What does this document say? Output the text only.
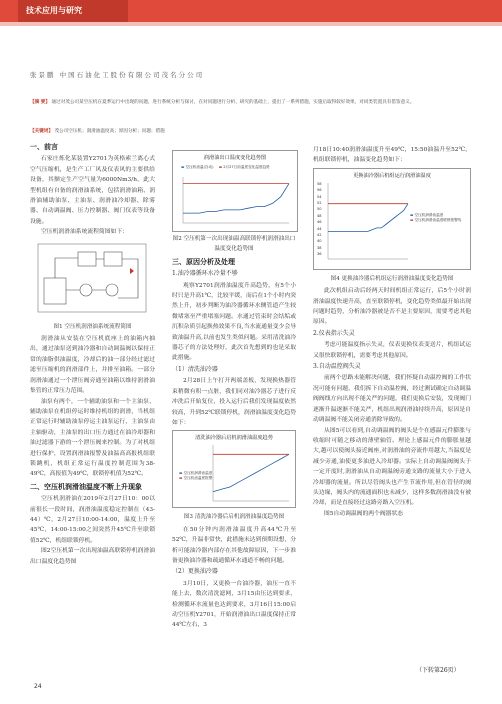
技术应用与研究
张景鹏 中国石油化工股份有限公司茂名分公司
【摘 要】 通过对茂公司某空压机在夏季运行中出现的问题，进行系统分析与探讨，在对问题进行分析、研究的基础上，提出了一系列措施，实施后取得较好效果，对同类装置具有借鉴意义。
【关键词】 茂公司空压机；润滑油温度高；原因分析；问题；措施
一、前言

石家庄炼化某装置Y2701为英格索兰离心式空气压缩机，是生产工厂风及仪表风的主要供给设备，其额定生产空气量为6000Nm3/h，此大型机组有自备的润滑油系统，包括润滑油箱、润滑油辅助油泵、主油泵、润滑油冷却器、除雾器、自动调温阀、压力控制器、阀门仪表等设备设施。

空压机润滑油系统流程简图如下：

图1 空压机润滑油系统流程简图

润滑油从安装在空压机底座上的油箱内抽出，通过油泵送到油冷器和自动调温阀以保持正常的油脂供油温度，冷却后的油一部分经过滤过滤至压缩机的润滑部件上，并排至油箱。一部分润滑油通过一个泄压阀旁通至油箱以维持润滑油集管的正常压力范围。

油泵有两个，一个辅助油泵和一个主油泵，辅助油泵在机组停运时维持机组的润滑，当机组正常运行时辅助油泵停运主油泵运行，主油泵由主轴驱动，主油泵的出口压力通过在油冷却器和油过滤器下游的一个泄压阀来控制。为了对机组进行保护，设置润滑油报警及油温高高报机组联锁跳机，机组正常运行温度控制范围为38-49℃，高报值为49℃，联锁停机值为52℃。

二、空压机润滑油温度不断上升现象

空压机润滑油在2019年2月27日10：00以前很长一段时间，润滑油温度稳定控制在（43-44）℃，2月27日10:00-14:00，温度上升至45℃，14:00-15:00之间突然升45℃升至联锁值52℃，机组联锁停机。

图2空压机第一次出现油温高联锁停机润滑油出口温度化趋势图

润滑油出口温度变化趋势图
▬ 空压机油温(自动) ▬ 2月27日前温度变化温度趋势

图2 空压机第一次出现油温高联锁停机润滑油出口温度变化趋势图

三、原因分析及处理
1.油冷器循环水冷量不够

观察Y2701润滑油温度升高趋势，有5个小时只是升高1℃，比较平缓，而后在1个小时内突然上升，初步判断为油冷器循环水侧管道产生较微堵塞至严重堵塞问题。水通过管束时会结垢或沉积杂质引起换热效果不良,当水流通量变少会导致油温升高,以前也发生类似问题。采用清洗油冷器芯子的方法处理好，此次首先想到的也是采取此措施。

（1）清洗油冷器

2月28日上午打开两端盖板，发现换热器管束稍微有积一点脏，我们同对油冷器芯子进行反冲洗后开始复位，投入运行后我们发现温度依然较高，升到52℃联锁停机，润滑油温度变化趋势如下：

清洗油冷器后启机润滑油温度趋势
▬ 空压机润滑油温度
▬ 空压机油温度报警

图3 清洗油冷器后启机润滑油温度趋势图

在50分钟内润滑油温度升高44℃升至52℃，升温非常快，此措施未达到预期设想，分析可能油冷器内部存在其他故障原因，下一步准备更换油冷器和疏通循环水通道不畅的问题。

（2）更换油冷器

3月10日，又更换一台油冷器，油压一直不能上去，数次清洗滤网，3月15由压达到要求，检测循环水流量也达到要求，3月16日15:00启动空压机Y2701，开始润滑油出口温度保持正常44℃左右，3

月18日10:40润滑油温度升至49℃，15:50油温升至52℃，机组联锁停机，油温变化趋势如下：

更换油冷器后机组运行润滑油温度
58
56
54
52
50
48
46
44
42
40
38
36
▬ 空压机润滑油温度
▬ 空压机润滑油温度联锁报警线

图4 更换油冷器后机组运行润滑油温度变化趋势图

此次机组启动后经两天时间机组正常运行，后5个小时润滑油温度快速升高，直至联锁停机，变化趋势类似最开始出现问题时趋势，分析油冷器被是否不是主要原因，需要考虑其他原因。

2.仪表指示失灵

考虑可能温度指示失灵，仪表更换仪表变送片，机组试运又很快联锁停机，需要考虑其他原因。

3.自动温控阀失灵

前两个思路未能解决问题，我们怀疑自动温控阀的工作状况可能有问题，我们拆下自动温控阀，经过测试确定自动调温阀阀线方向出现不能关严的问题，我们更换后安装，发现阀门逐渐升温逐渐不能关严，机组出现润滑油持续升高，原因是自动调温阀不能关闭旁通消除导致的。

从图5可以看到,自动调温阀的阀头是个在感温元件膨胀与收缩时可随之移动的薄壁轴管。理论上感温元件的膨胀量越大,越可以使阀头接近阀座,对润滑油的旁流作用越大,当温度是减少旁通,油使更多油进入冷却器。实际上自动调温阀阀头于一定开度时,润滑油从自动调温阀旁通支路的流量大小于进入冷却器的流量。所以尽管阀头也产生节流作用,但在管径的阀头边缘，阀头内的流通面积也未减少，这样多数润滑油没有被冷却，而是直接经过这路旁路入空压机。

图5自动调温阀的两个阀器状态

（下转第26页）
24
